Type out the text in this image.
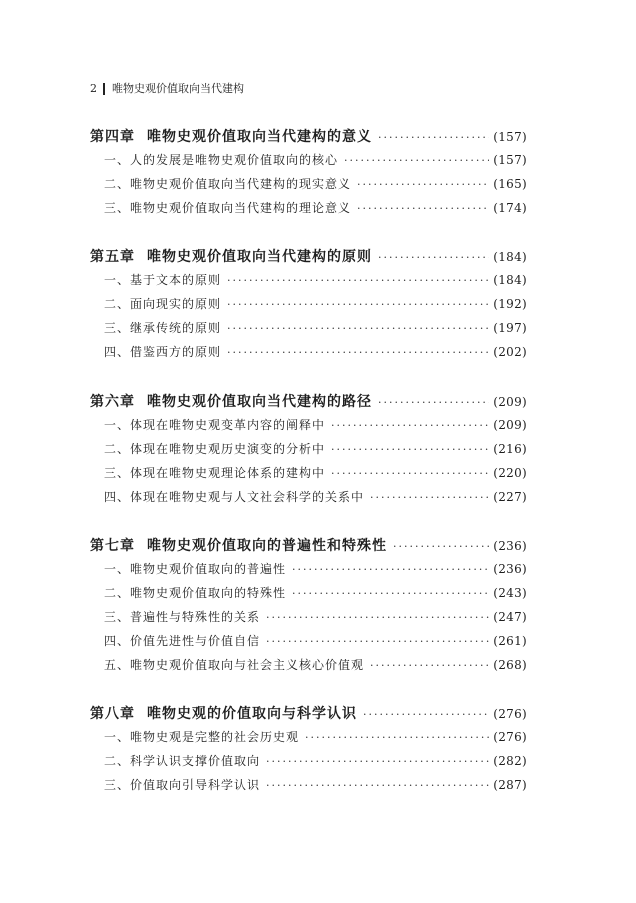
2 唯物史观价值取向当代建构
第四章 唯物史观价值取向当代建构的意义 ·····	(157)
一、人的发展是唯物史观价值取向的核心 ·····	(157)
二、唯物史观价值取向当代建构的现实意义 ·····	(165)
三、唯物史观价值取向当代建构的理论意义 ·····	(174)
第五章 唯物史观价值取向当代建构的原则 ·····	(184)
一、基于文本的原则 ·····	(184)
二、面向现实的原则 ·····	(192)
三、继承传统的原则 ·····	(197)
四、借鉴西方的原则 ·····	(202)
第六章 唯物史观价值取向当代建构的路径 ·····	(209)
一、体现在唯物史观变革内容的阐释中 ·····	(209)
二、体现在唯物史观历史演变的分析中 ·····	(216)
三、体现在唯物史观理论体系的建构中 ·····	(220)
四、体现在唯物史观与人文社会科学的关系中 ·····	(227)
第七章 唯物史观价值取向的普遍性和特殊性 ·····	(236)
一、唯物史观价值取向的普遍性 ·····	(236)
二、唯物史观价值取向的特殊性 ·····	(243)
三、普遍性与特殊性的关系 ·····	(247)
四、价值先进性与价值自信 ·····	(261)
五、唯物史观价值取向与社会主义核心价值观 ·····	(268)
第八章 唯物史观的价值取向与科学认识 ·····	(276)
一、唯物史观是完整的社会历史观 ·····	(276)
二、科学认识支撑价值取向 ·····	(282)
三、价值取向引导科学认识 ·····	(287)
